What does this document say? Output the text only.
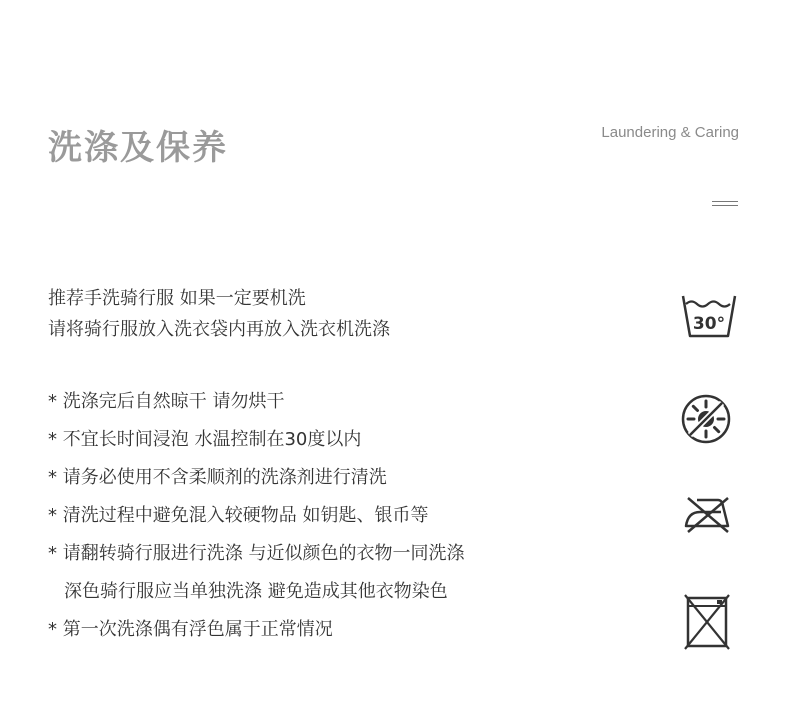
洗涤及保养	Laundering & Caring
推荐手洗骑行服 如果一定要机洗
请将骑行服放入洗衣袋内再放入洗衣机洗涤
* 洗涤完后自然晾干 请勿烘干
* 不宜长时间浸泡 水温控制在30度以内
* 请务必使用不含柔顺剂的洗涤剂进行清洗
* 清洗过程中避免混入较硬物品 如钥匙、银币等
* 请翻转骑行服进行洗涤 与近似颜色的衣物一同洗涤
深色骑行服应当单独洗涤 避免造成其他衣物染色
* 第一次洗涤偶有浮色属于正常情况
30°
